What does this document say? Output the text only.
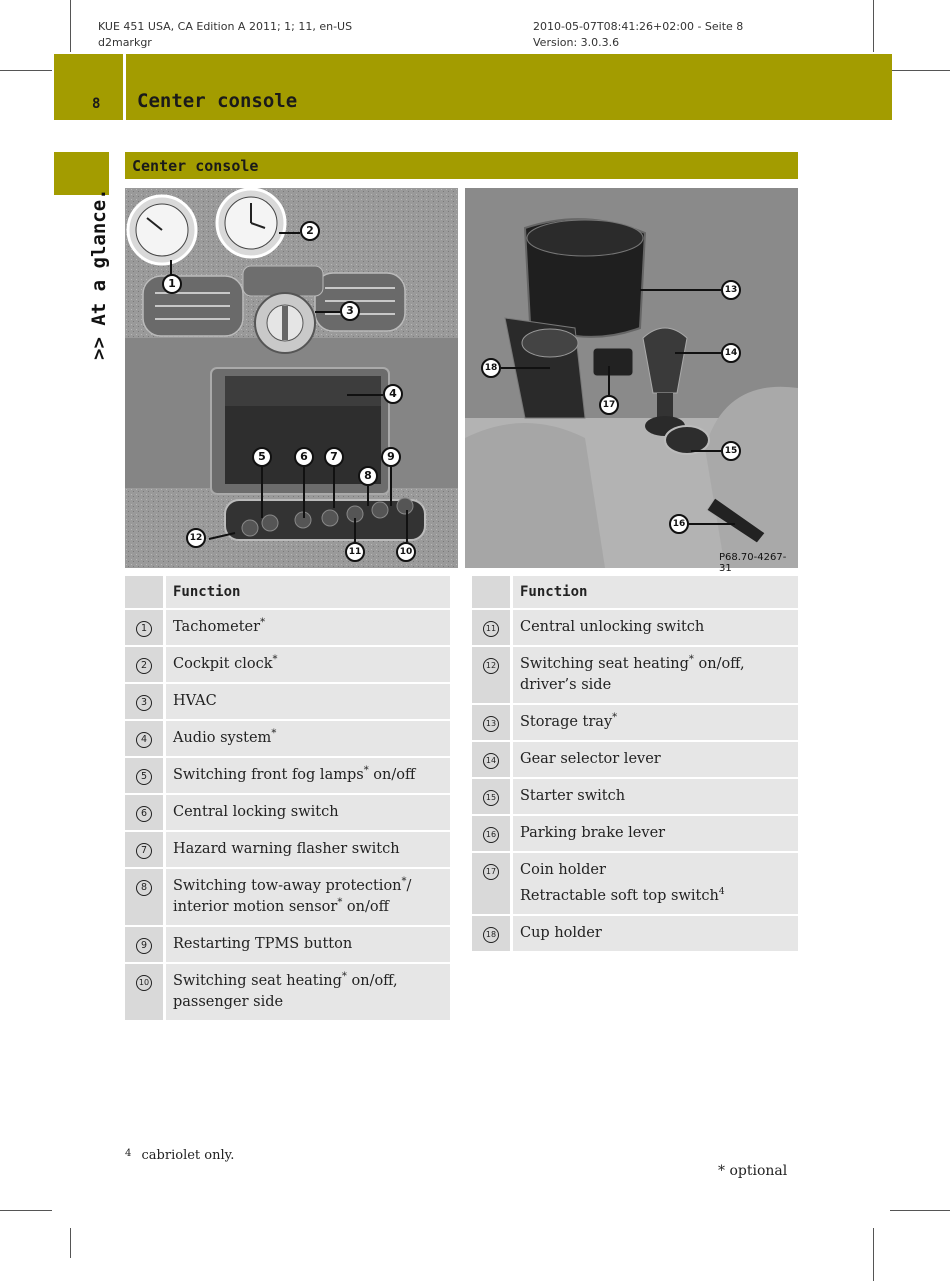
KUE 451 USA, CA Edition A 2011; 1; 11, en-US
d2markgr
2010-05-07T08:41:26+02:00 - Seite 8
Version: 3.0.3.6
8 Center console
>> At a glance.
Center console
1
2
3
4
5	6	7
8
9
10
11
12
13
14
15
16
17
18
P68.70-4267-31
	Function
1	Tachometer*
2	Cockpit clock*
3	HVAC
4	Audio system*
5	Switching front fog lamps* on/off
6	Central locking switch
7	Hazard warning flasher switch
8	Switching tow-away protection*/
interior motion sensor* on/off
9	Restarting TPMS button
10	Switching seat heating* on/off,
passenger side
	Function
11	Central unlocking switch
12	Switching seat heating* on/off,
driver’s side
13	Storage tray*
14	Gear selector lever
15	Starter switch
16	Parking brake lever
17	Coin holder
Retractable soft top switch$^4$
18	Cup holder
$^4$ cabriolet only.
* optional
